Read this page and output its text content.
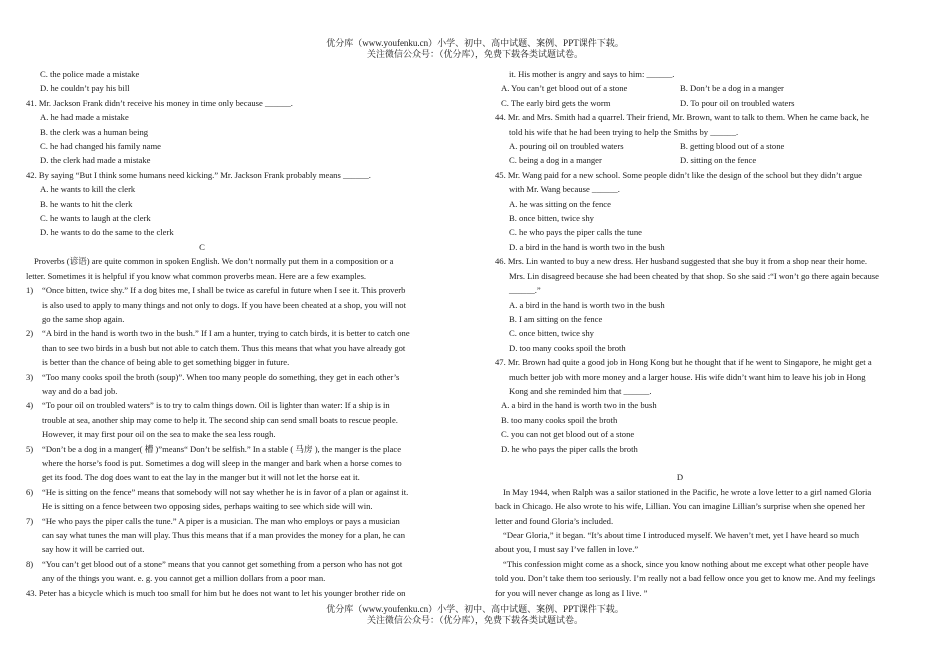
优分库（www.youfenku.cn）小学、初中、高中试题、案例、PPT课件下载。
关注微信公众号：（优分库），免费下载各类试题试卷。

C. the police made a mistake

D. he couldn’t pay his bill

41. Mr. Jackson Frank didn’t receive his money in time only because ______.

A. he had made a mistake

B. the clerk was a human being

C. he had changed his family name

D. the clerk had made a mistake

42. By saying “But I think some humans need kicking.” Mr. Jackson Frank probably means ______.

A. he wants to kill the clerk

B. he wants to hit the clerk

C. he wants to laugh at the clerk

D. he wants to do the same to the clerk

C

Proverbs (谚语) are quite common in spoken English. We don’t normally put them in a composition or a

letter. Sometimes it is helpful if you know what common proverbs mean. Here are a few examples.

1)	“Once bitten, twice shy.” If a dog bites me, I shall be twice as careful in future when I see it. This proverb
is also used to apply to many things and not only to dogs. If you have been cheated at a shop, you will not
go the same shop again.
2)	“A bird in the hand is worth two in the bush.” If I am a hunter, trying to catch birds, it is better to catch one
than to see two birds in a bush but not able to catch them. Thus this means that what you have already got
is better than the chance of being able to get something bigger in future.
3)	“Too many cooks spoil the broth (soup)”. When too many people do something, they get in each other’s
way and do a bad job.
4)	“To pour oil on troubled waters” is to try to calm things down. Oil is lighter than water: If a ship is in
trouble at sea, another ship may come to help it. The second ship can send small boats to rescue people.
However, it may first pour oil on the sea to make the sea less rough.
5)	“Don’t be a dog in a manger( 槽 )”means“ Don’t be selfish.” In a stable ( 马房 ), the manger is the place
where the horse’s food is put. Sometimes a dog will sleep in the manger and bark when a horse comes to
get its food. The dog does want to eat the lay in the manger but it will not let the horse eat it.
6)	“He is sitting on the fence” means that somebody will not say whether he is in favor of a plan or against it.
He is sitting on a fence between two opposing sides, perhaps waiting to see which side will win.
7)	“He who pays the piper calls the tune.” A piper is a musician. The man who employs or pays a musician
can say what tunes the man will play. Thus this means that if a man provides the money for a plan, he can
say how it will be carried out.
8)	“You can’t get blood out of a stone” means that you cannot get something from a person who has not got
any of the things you want. e. g. you cannot get a million dollars from a poor man.

43. Peter has a bicycle which is much too small for him but he does not want to let his younger brother ride on

it. His mother is angry and says to him: ______.

A. You can’t get blood out of a stone	B. Don’t be a dog in a manger
C. The early bird gets the worm	D. To pour oil on troubled waters

44. Mr. and Mrs. Smith had a quarrel. Their friend, Mr. Brown, want to talk to them. When he came back, he

told his wife that he had been trying to help the Smiths by ______.

A. pouring oil on troubled waters	B. getting blood out of a stone
C. being a dog in a manger	D. sitting on the fence

45. Mr. Wang paid for a new school. Some people didn’t like the design of the school but they didn’t argue

with Mr. Wang because ______.

A. he was sitting on the fence

B. once bitten, twice shy

C. he who pays the piper calls the tune

D. a bird in the hand is worth two in the bush

46. Mrs. Lin wanted to buy a new dress. Her husband suggested that she buy it from a shop near their home.

Mrs. Lin disagreed because she had been cheated by that shop. So she said :“I won’t go there again because

______.”

A. a bird in the hand is worth two in the bush

B. I am sitting on the fence

C. once bitten, twice shy

D. too many cooks spoil the broth

47. Mr. Brown had quite a good job in Hong Kong but he thought that if he went to Singapore, he might get a

much better job with more money and a larger house. His wife didn’t want him to leave his job in Hong

Kong and she reminded him that ______.

A. a bird in the hand is worth two in the bush

B. too many cooks spoil the broth

C. you can not get blood out of a stone

D. he who pays the piper calls the broth

D

In May 1944, when Ralph was a sailor stationed in the Pacific, he wrote a love letter to a girl named Gloria

back in Chicago. He also wrote to his wife, Lillian. You can imagine Lillian’s surprise when she opened her

letter and found Gloria’s included.

“Dear Gloria,” it began. “It’s about time I introduced myself. We haven’t met, yet I have heard so much

about you, I must say I’ve fallen in love.”

“This confession might come as a shock, since you know nothing about me except what other people have

told you. Don’t take them too seriously. I’m really not a bad fellow once you get to know me. And my feelings

for you will never change as long as I live. ”

优分库（www.youfenku.cn）小学、初中、高中试题、案例、PPT课件下载。
关注微信公众号：（优分库），免费下载各类试题试卷。
